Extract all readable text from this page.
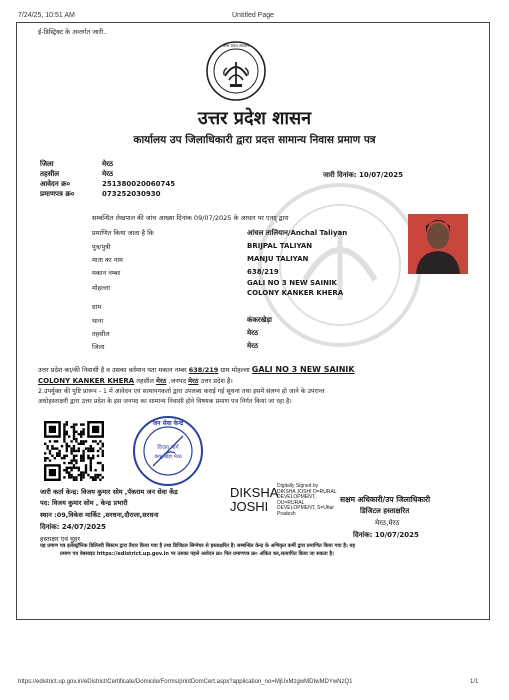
7/24/25, 10:51 AM	Untitled Page
ई-डिस्ट्रिक्ट के अन्तर्गत जारी..
उत्तर प्रदेश सरकार
उत्तर प्रदेश शासन
कार्यालय उप जिलाधिकारी द्वारा प्रदत्त सामान्य निवास प्रमाण पत्र
जिला	मेरठ
तहसील	मेरठ
आवेदन क्र०	251380020060745
प्रमाणपत्र क्र०	073252030930
जारी दिनांक: 10/07/2025
सम्बन्धित लेखपाल की जांच आख्या दिनांक 09/07/2025 के आधार पर एतद् द्वारा
प्रमाणित किया जाता है कि	आंचल तालियान/Anchal Taliyan
पुत्र/पुत्री	BRIJPAL TALIYAN
माता का नाम	MANJU TALIYAN
मकान नम्बर	638/219
मोहल्ला
GALI NO 3 NEW SAINIK
COLONY KANKER KHERA
ग्राम
थाना	कंकरखेड़ा
तहसील	मेरठ
जिला	मेरठ
उत्तर प्रदेश का/की निवासी है व उसका वर्तमान पता मकान नम्बर 638/219 ग्राम मोहल्ला GALI NO 3 NEW SAINIK
COLONY KANKER KHERA तहसील मेरठ ,जनपद मेरठ उत्तर प्रदेश है।
2.उपर्युक्त की पुष्टि प्रारूप - 1 में आवेदन एवं सत्यापनकर्ता द्वारा उपलब्ध कराई गई सूचना तथा इसमें संलग्न हो जाने के उपरान्त
अधोहस्ताक्षरी द्वारा उत्तर प्रदेश के इस जनपद का सामान्य निवासी होने विषयक प्रमाण पत्र निर्गत किया जा रहा है।
जन सेवा केन्द्र
विजय मार्ग
कंकरखेड़ा मेरठ
जारी कर्ता केन्द्र: विजय कुमार सोम ,पॅकराम जन सेवा केंद्र
पद: विजय कुमार सोम , केन्द्र प्रभारी
स्थान :09,विकेस मार्किट ,सरधना,दौराला,सरधना
दिनांक: 24/07/2025
हस्ताक्षर एवं मुहर
DIKSHA
JOSHI
Digitally Signed by
DIKSHA JOSHI O=RURAL
DEVELOPMENT,
OU=RURAL
DEVELOPMENT, S=Uttar
Pradesh
सक्षम अधिकारी/उप जिलाधिकारी
डिजिटल हस्ताक्षरित
मेरठ,मेरठ
दिनांक: 10/07/2025
यह प्रमाण पत्र इलेक्ट्रॉनिक डिलिवरी सिस्टम द्वारा तैयार किया गया है तथा डिजिटल सिग्नेचर से हस्ताक्षरित है। सम्बन्धित केन्द्र के अभिकृत कर्मी द्वारा प्रमाणित किया गया है। यह
प्रमाण पत्र वेबसाइट https://edistrict.up.gov.in पर उसका पहले आवेदन क्र० फिर प्रमाणपत्र क्र० अंकित कर,सत्यापित किया जा सकता है।
https://edistrict.up.gov.in/eDistrict/Certificate/Domicile/Forms/printDomCert.aspx?application_no=MjUxMzgwMDIwMDYwNzQ1	1/1
